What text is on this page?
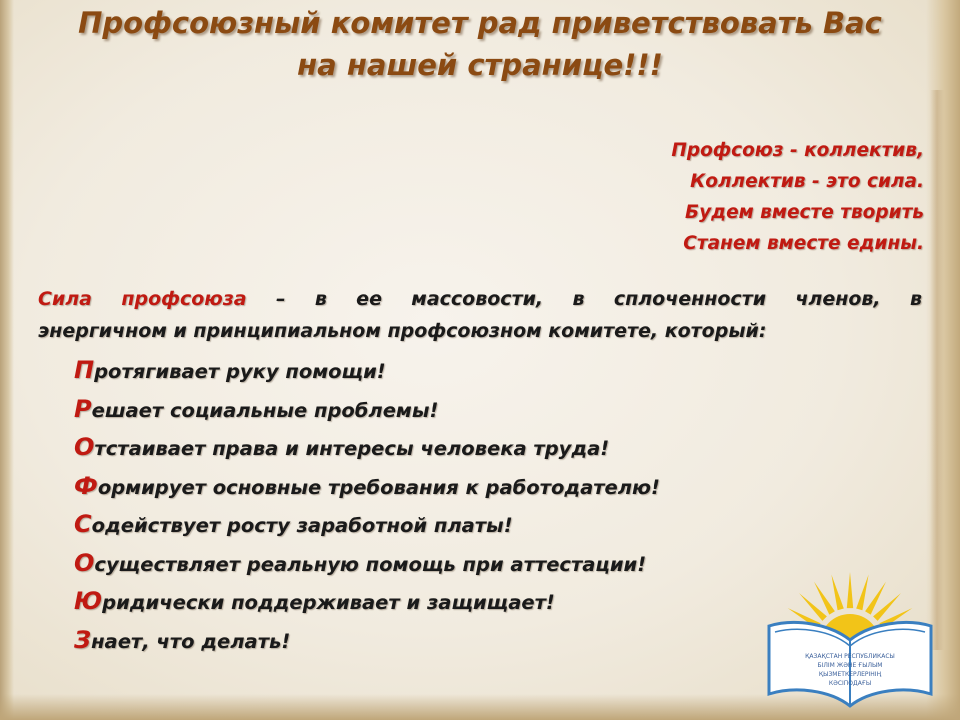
Профсоюзный комитет рад приветствовать Вас
на нашей странице!!!
Профсоюз - коллектив,
Коллектив - это сила.
Будем вместе творить
Станем вместе едины.
Сила профсоюза – в ее массовости, в сплоченности членов, в
энергичном и принципиальном профсоюзном комитете, который:
Протягивает руку помощи!
Решает социальные проблемы!
Отстаивает права и интересы человека труда!
Формирует основные требования к работодателю!
Содействует росту заработной платы!
Осуществляет реальную помощь при аттестации!
Юридически поддерживает и защищает!
Знает, что делать!
ҚАЗАҚСТАН РЕСПУБЛИКАСЫ
БІЛІМ ЖӘНЕ ҒЫЛЫМ
ҚЫЗМЕТКЕРЛЕРІНІҢ
КӘСІПОДАҒЫ
